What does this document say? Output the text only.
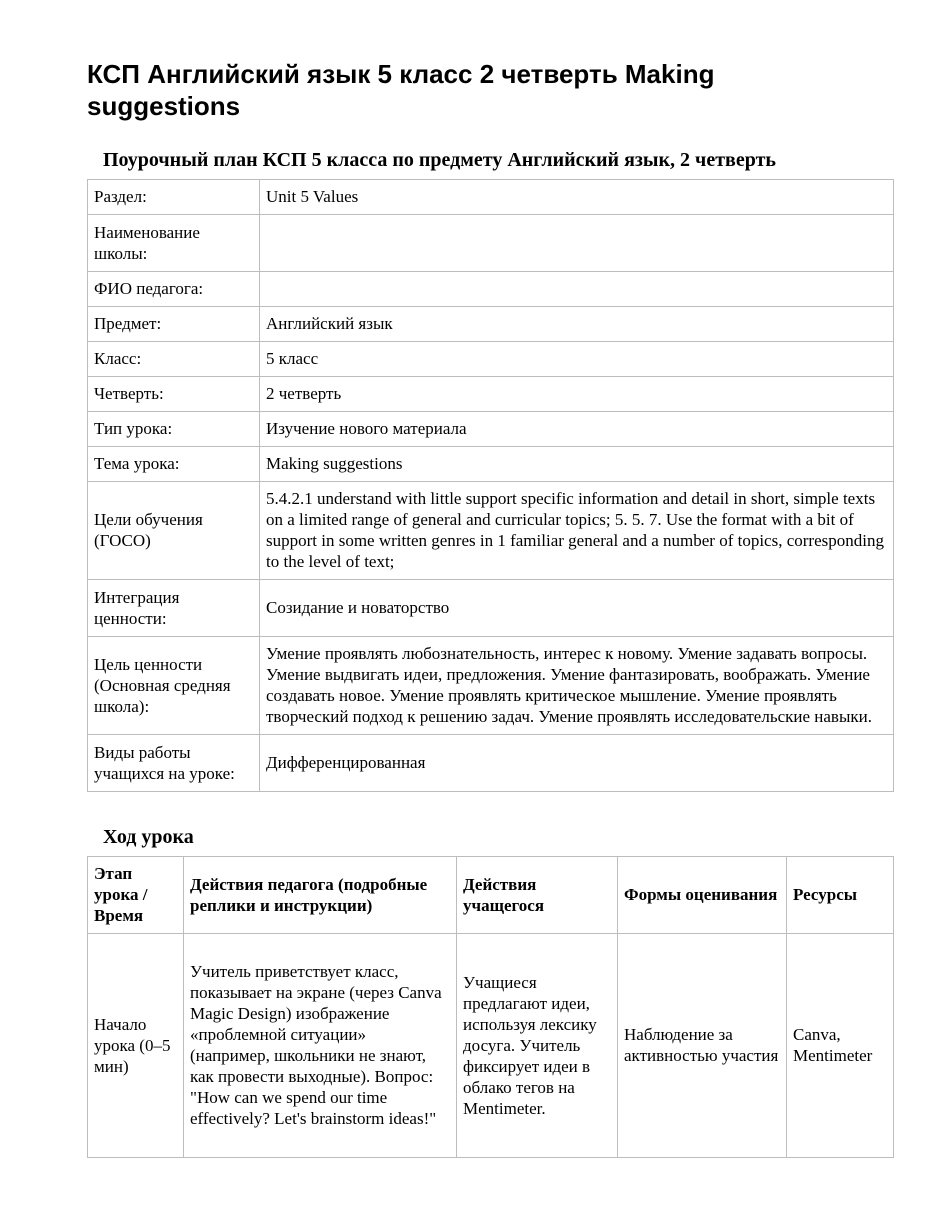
КСП Английский язык 5 класс 2 четверть Making suggestions
Поурочный план КСП 5 класса по предмету Английский язык, 2 четверть
Раздел:	Unit 5 Values
Наименование школы:	
ФИО педагога:	
Предмет:	Английский язык
Класс:	5 класс
Четверть:	2 четверть
Тип урока:	Изучение нового материала
Тема урока:	Making suggestions
Цели обучения (ГОСО)	5.4.2.1 understand with little support specific information and detail in short, simple texts on a limited range of general and curricular topics; 5. 5. 7. Use the format with a bit of support in some written genres in 1 familiar general and a number of topics, corresponding to the level of text;
Интеграция ценности:	Созидание и новаторство
Цель ценности (Основная средняя школа):	Умение проявлять любознательность, интерес к новому. Умение задавать вопросы. Умение выдвигать идеи, предложения. Умение фантазировать, воображать. Умение создавать новое. Умение проявлять критическое мышление. Умение проявлять творческий подход к решению задач. Умение проявлять исследовательские навыки.
Виды работы учащихся на уроке:	Дифференцированная
Ход урока
Этап урока / Время	Действия педагога (подробные реплики и инструкции)	Действия учащегося	Формы оценивания	Ресурсы
Начало урока (0–5 мин)	Учитель приветствует класс, показывает на экране (через Canva Magic Design) изображение «проблемной ситуации» (например, школьники не знают, как провести выходные). Вопрос: "How can we spend our time effectively? Let's brainstorm ideas!"	Учащиеся предлагают идеи, используя лексику досуга. Учитель фиксирует идеи в облако тегов на Mentimeter.	Наблюдение за активностью участия	Canva, Mentimeter
